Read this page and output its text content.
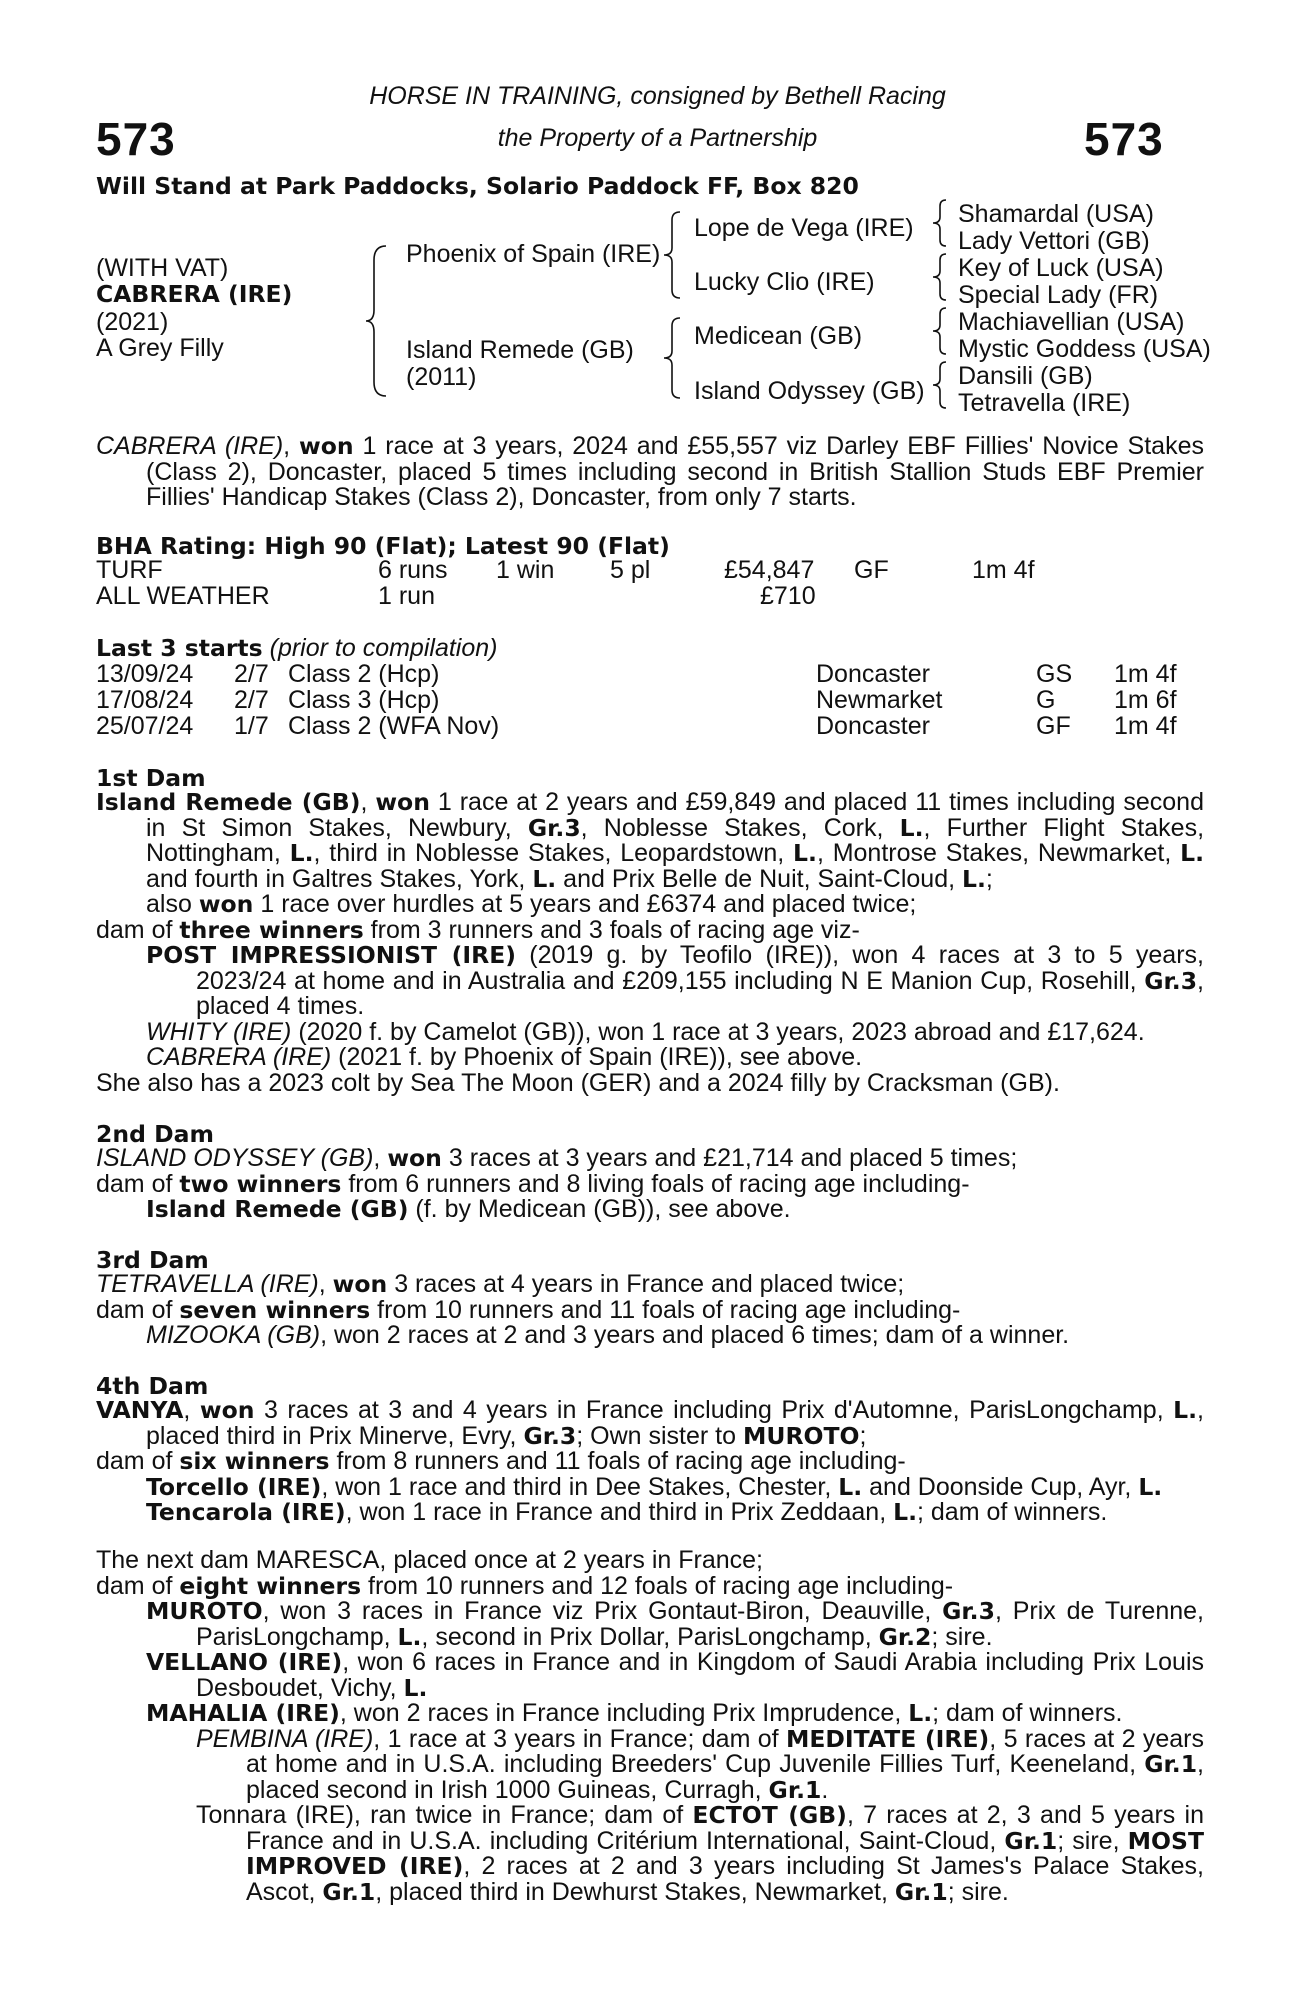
573	573
HORSE IN TRAINING, consigned by Bethell Racing
the Property of a Partnership
Will Stand at Park Paddocks, Solario Paddock FF, Box 820
(WITH VAT)
CABRERA (IRE)
(2021)
A Grey Filly
Phoenix of Spain (IRE)
Island Remede (GB)
(2011)
Lope de Vega (IRE)
Lucky Clio (IRE)
Medicean (GB)
Island Odyssey (GB)
Shamardal (USA)
Lady Vettori (GB)
Key of Luck (USA)
Special Lady (FR)
Machiavellian (USA)
Mystic Goddess (USA)
Dansili (GB)
Tetravella (IRE)
CABRERA (IRE), won 1 race at 3 years, 2024 and £55,557 viz Darley EBF Fillies' Novice Stakes (Class 2), Doncaster, placed 5 times including second in British Stallion Studs EBF Premier Fillies' Handicap Stakes (Class 2), Doncaster, from only 7 starts.
BHA Rating: High 90 (Flat); Latest 90 (Flat)
TURF	6 runs 1 win 5 pl	£54,847 GF	1m 4f
ALL WEATHER	1 run	£710
Last 3 starts (prior to compilation)
13/09/24 2/7 Class 2 (Hcp)	Doncaster	GS 1m 4f
17/08/24 2/7 Class 3 (Hcp)	Newmarket	G 1m 6f
25/07/24 1/7 Class 2 (WFA Nov)	Doncaster	GF 1m 4f
1st Dam
Island Remede (GB), won 1 race at 2 years and £59,849 and placed 11 times including second in St Simon Stakes, Newbury, Gr.3, Noblesse Stakes, Cork, L., Further Flight Stakes, Nottingham, L., third in Noblesse Stakes, Leopardstown, L., Montrose Stakes, Newmarket, L. and fourth in Galtres Stakes, York, L. and Prix Belle de Nuit, Saint-Cloud, L.;
also won 1 race over hurdles at 5 years and £6374 and placed twice;
dam of three winners from 3 runners and 3 foals of racing age viz-
POST IMPRESSIONIST (IRE) (2019 g. by Teofilo (IRE)), won 4 races at 3 to 5 years, 2023/24 at home and in Australia and £209,155 including N E Manion Cup, Rosehill, Gr.3, placed 4 times.
WHITY (IRE) (2020 f. by Camelot (GB)), won 1 race at 3 years, 2023 abroad and £17,624.
CABRERA (IRE) (2021 f. by Phoenix of Spain (IRE)), see above.
She also has a 2023 colt by Sea The Moon (GER) and a 2024 filly by Cracksman (GB).
2nd Dam
ISLAND ODYSSEY (GB), won 3 races at 3 years and £21,714 and placed 5 times;
dam of two winners from 6 runners and 8 living foals of racing age including-
Island Remede (GB) (f. by Medicean (GB)), see above.
3rd Dam
TETRAVELLA (IRE), won 3 races at 4 years in France and placed twice;
dam of seven winners from 10 runners and 11 foals of racing age including-
MIZOOKA (GB), won 2 races at 2 and 3 years and placed 6 times; dam of a winner.
4th Dam
VANYA, won 3 races at 3 and 4 years in France including Prix d'Automne, ParisLongchamp, L., placed third in Prix Minerve, Evry, Gr.3; Own sister to MUROTO;
dam of six winners from 8 runners and 11 foals of racing age including-
Torcello (IRE), won 1 race and third in Dee Stakes, Chester, L. and Doonside Cup, Ayr, L.
Tencarola (IRE), won 1 race in France and third in Prix Zeddaan, L.; dam of winners.
The next dam MARESCA, placed once at 2 years in France;
dam of eight winners from 10 runners and 12 foals of racing age including-
MUROTO, won 3 races in France viz Prix Gontaut-Biron, Deauville, Gr.3, Prix de Turenne, ParisLongchamp, L., second in Prix Dollar, ParisLongchamp, Gr.2; sire.
VELLANO (IRE), won 6 races in France and in Kingdom of Saudi Arabia including Prix Louis Desboudet, Vichy, L.
MAHALIA (IRE), won 2 races in France including Prix Imprudence, L.; dam of winners.
PEMBINA (IRE), 1 race at 3 years in France; dam of MEDITATE (IRE), 5 races at 2 years at home and in U.S.A. including Breeders' Cup Juvenile Fillies Turf, Keeneland, Gr.1, placed second in Irish 1000 Guineas, Curragh, Gr.1.
Tonnara (IRE), ran twice in France; dam of ECTOT (GB), 7 races at 2, 3 and 5 years in France and in U.S.A. including Critérium International, Saint-Cloud, Gr.1; sire, MOST IMPROVED (IRE), 2 races at 2 and 3 years including St James's Palace Stakes, Ascot, Gr.1, placed third in Dewhurst Stakes, Newmarket, Gr.1; sire.
